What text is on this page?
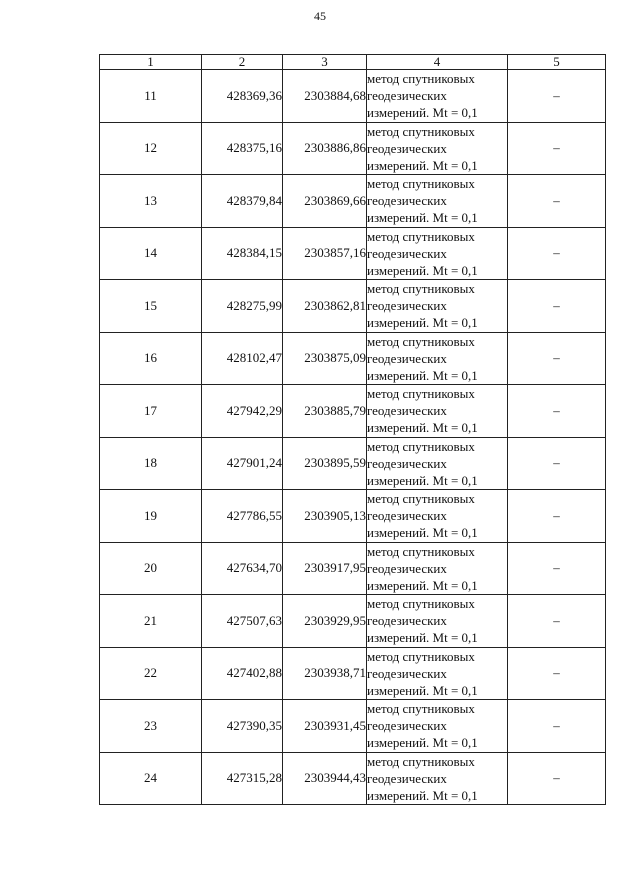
45
1	2	3	4	5
11	428369,36	2303884,68	метод спутниковых
геодезических
измерений. Mt = 0,1	–
12	428375,16	2303886,86	метод спутниковых
геодезических
измерений. Mt = 0,1	–
13	428379,84	2303869,66	метод спутниковых
геодезических
измерений. Mt = 0,1	–
14	428384,15	2303857,16	метод спутниковых
геодезических
измерений. Mt = 0,1	–
15	428275,99	2303862,81	метод спутниковых
геодезических
измерений. Mt = 0,1	–
16	428102,47	2303875,09	метод спутниковых
геодезических
измерений. Mt = 0,1	–
17	427942,29	2303885,79	метод спутниковых
геодезических
измерений. Mt = 0,1	–
18	427901,24	2303895,59	метод спутниковых
геодезических
измерений. Mt = 0,1	–
19	427786,55	2303905,13	метод спутниковых
геодезических
измерений. Mt = 0,1	–
20	427634,70	2303917,95	метод спутниковых
геодезических
измерений. Mt = 0,1	–
21	427507,63	2303929,95	метод спутниковых
геодезических
измерений. Mt = 0,1	–
22	427402,88	2303938,71	метод спутниковых
геодезических
измерений. Mt = 0,1	–
23	427390,35	2303931,45	метод спутниковых
геодезических
измерений. Mt = 0,1	–
24	427315,28	2303944,43	метод спутниковых
геодезических
измерений. Mt = 0,1	–
